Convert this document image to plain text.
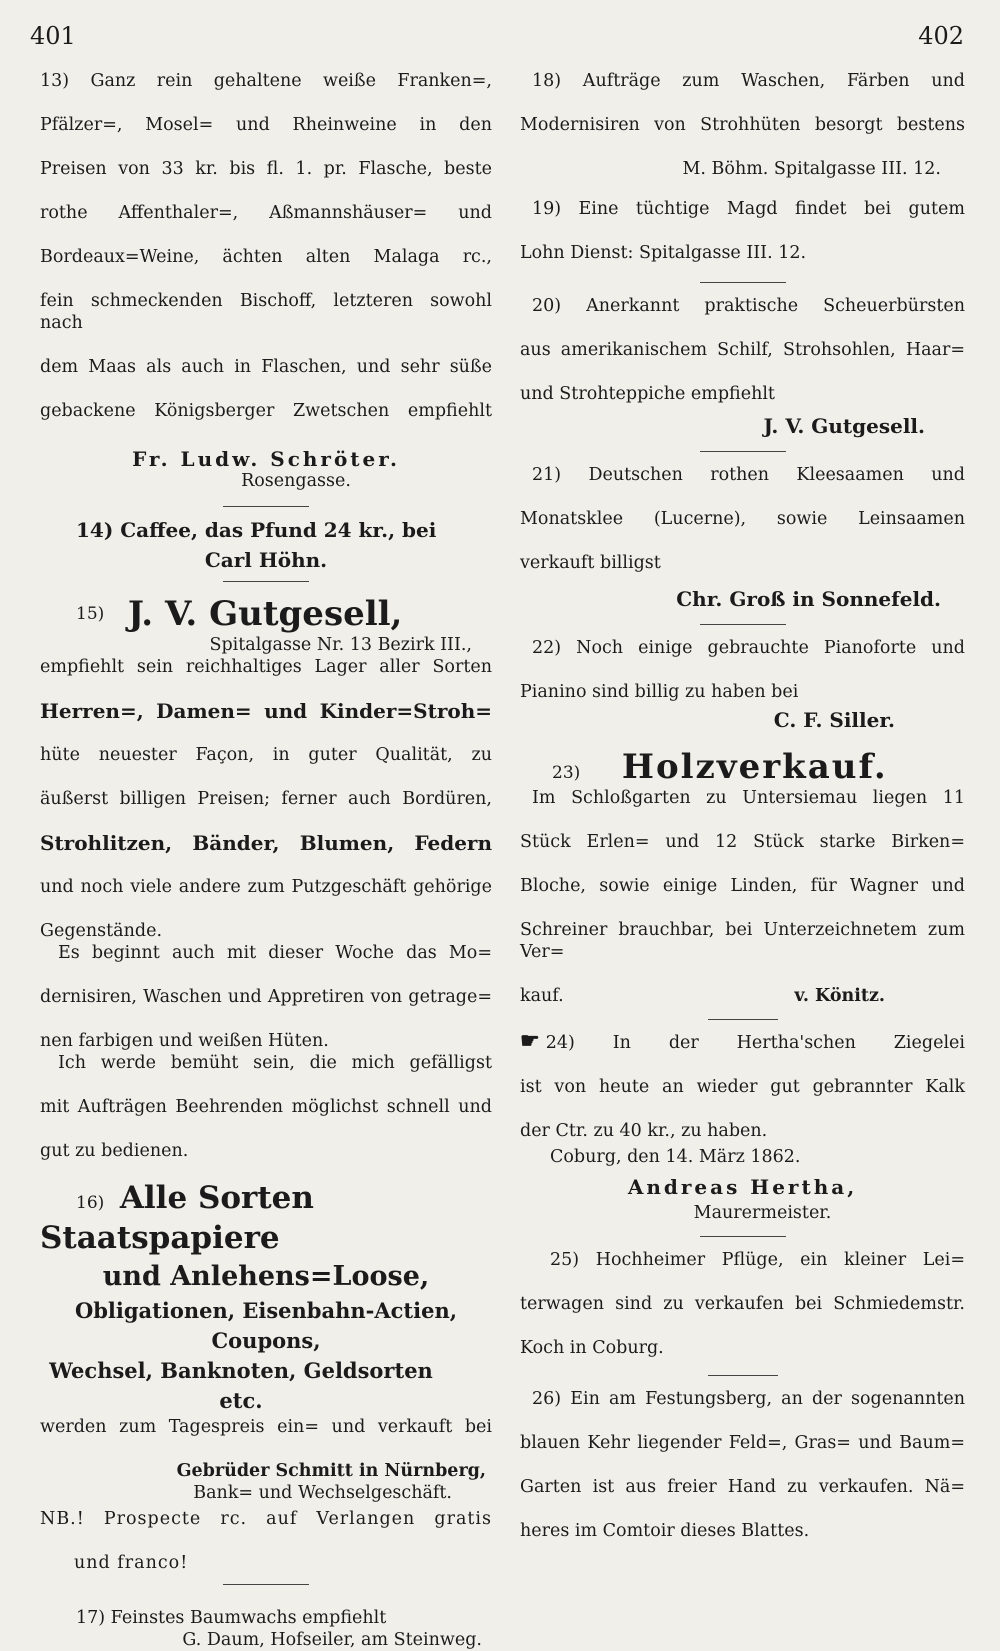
401	402
13) Ganz rein gehaltene weiße Franken=,
Pfälzer=, Mosel= und Rheinweine in den
Preisen von 33 kr. bis fl. 1. pr. Flasche, beste
rothe Affenthaler=, Aßmannshäuser= und
Bordeaux=Weine, ächten alten Malaga rc.,
fein schmeckenden Bischoff, letzteren sowohl nach
dem Maas als auch in Flaschen, und sehr süße
gebackene Königsberger Zwetschen empfiehlt
Fr. Ludw. Schröter.
Rosengasse.
14) Caffee, das Pfund 24 kr., bei
Carl Höhn.
15) J. V. Gutgesell,
Spitalgasse Nr. 13 Bezirk III.,
empfiehlt sein reichhaltiges Lager aller Sorten
Herren=, Damen= und Kinder=Stroh=
hüte neuester Façon, in guter Qualität, zu
äußerst billigen Preisen; ferner auch Bordüren,
Strohlitzen, Bänder, Blumen, Federn
und noch viele andere zum Putzgeschäft gehörige
Gegenstände.
Es beginnt auch mit dieser Woche das Mo=
dernisiren, Waschen und Appretiren von getrage=
nen farbigen und weißen Hüten.
Ich werde bemüht sein, die mich gefälligst
mit Aufträgen Beehrenden möglichst schnell und
gut zu bedienen.
16) Alle Sorten Staatspapiere
und Anlehens=Loose,
Obligationen, Eisenbahn-Actien, Coupons,
Wechsel, Banknoten, Geldsorten etc.
werden zum Tagespreis ein= und verkauft bei
Gebrüder Schmitt in Nürnberg,
Bank= und Wechselgeschäft.
NB.! Prospecte rc. auf Verlangen gratis
und franco!
17) Feinstes Baumwachs empfiehlt
G. Daum, Hofseiler, am Steinweg.
18) Aufträge zum Waschen, Färben und
Modernisiren von Strohhüten besorgt bestens
M. Böhm. Spitalgasse III. 12.
19) Eine tüchtige Magd findet bei gutem
Lohn Dienst: Spitalgasse III. 12.
20) Anerkannt praktische Scheuerbürsten
aus amerikanischem Schilf, Strohsohlen, Haar=
und Strohteppiche empfiehlt
J. V. Gutgesell.
21) Deutschen rothen Kleesaamen und
Monatsklee (Lucerne), sowie Leinsaamen
verkauft billigst
Chr. Groß in Sonnefeld.
22) Noch einige gebrauchte Pianoforte und
Pianino sind billig zu haben bei
C. F. Siller.
23) Holzverkauf.
Im Schloßgarten zu Untersiemau liegen 11
Stück Erlen= und 12 Stück starke Birken=
Bloche, sowie einige Linden, für Wagner und
Schreiner brauchbar, bei Unterzeichnetem zum Ver=
kauf.	v. Könitz.
☛ 24) In der Hertha'schen Ziegelei
ist von heute an wieder gut gebrannter Kalk
der Ctr. zu 40 kr., zu haben.
Coburg, den 14. März 1862.
Andreas Hertha,
Maurermeister.
25) Hochheimer Pflüge, ein kleiner Lei=
terwagen sind zu verkaufen bei Schmiedemstr.
Koch in Coburg.
26) Ein am Festungsberg, an der sogenannten
blauen Kehr liegender Feld=, Gras= und Baum=
Garten ist aus freier Hand zu verkaufen. Nä=
heres im Comtoir dieses Blattes.
